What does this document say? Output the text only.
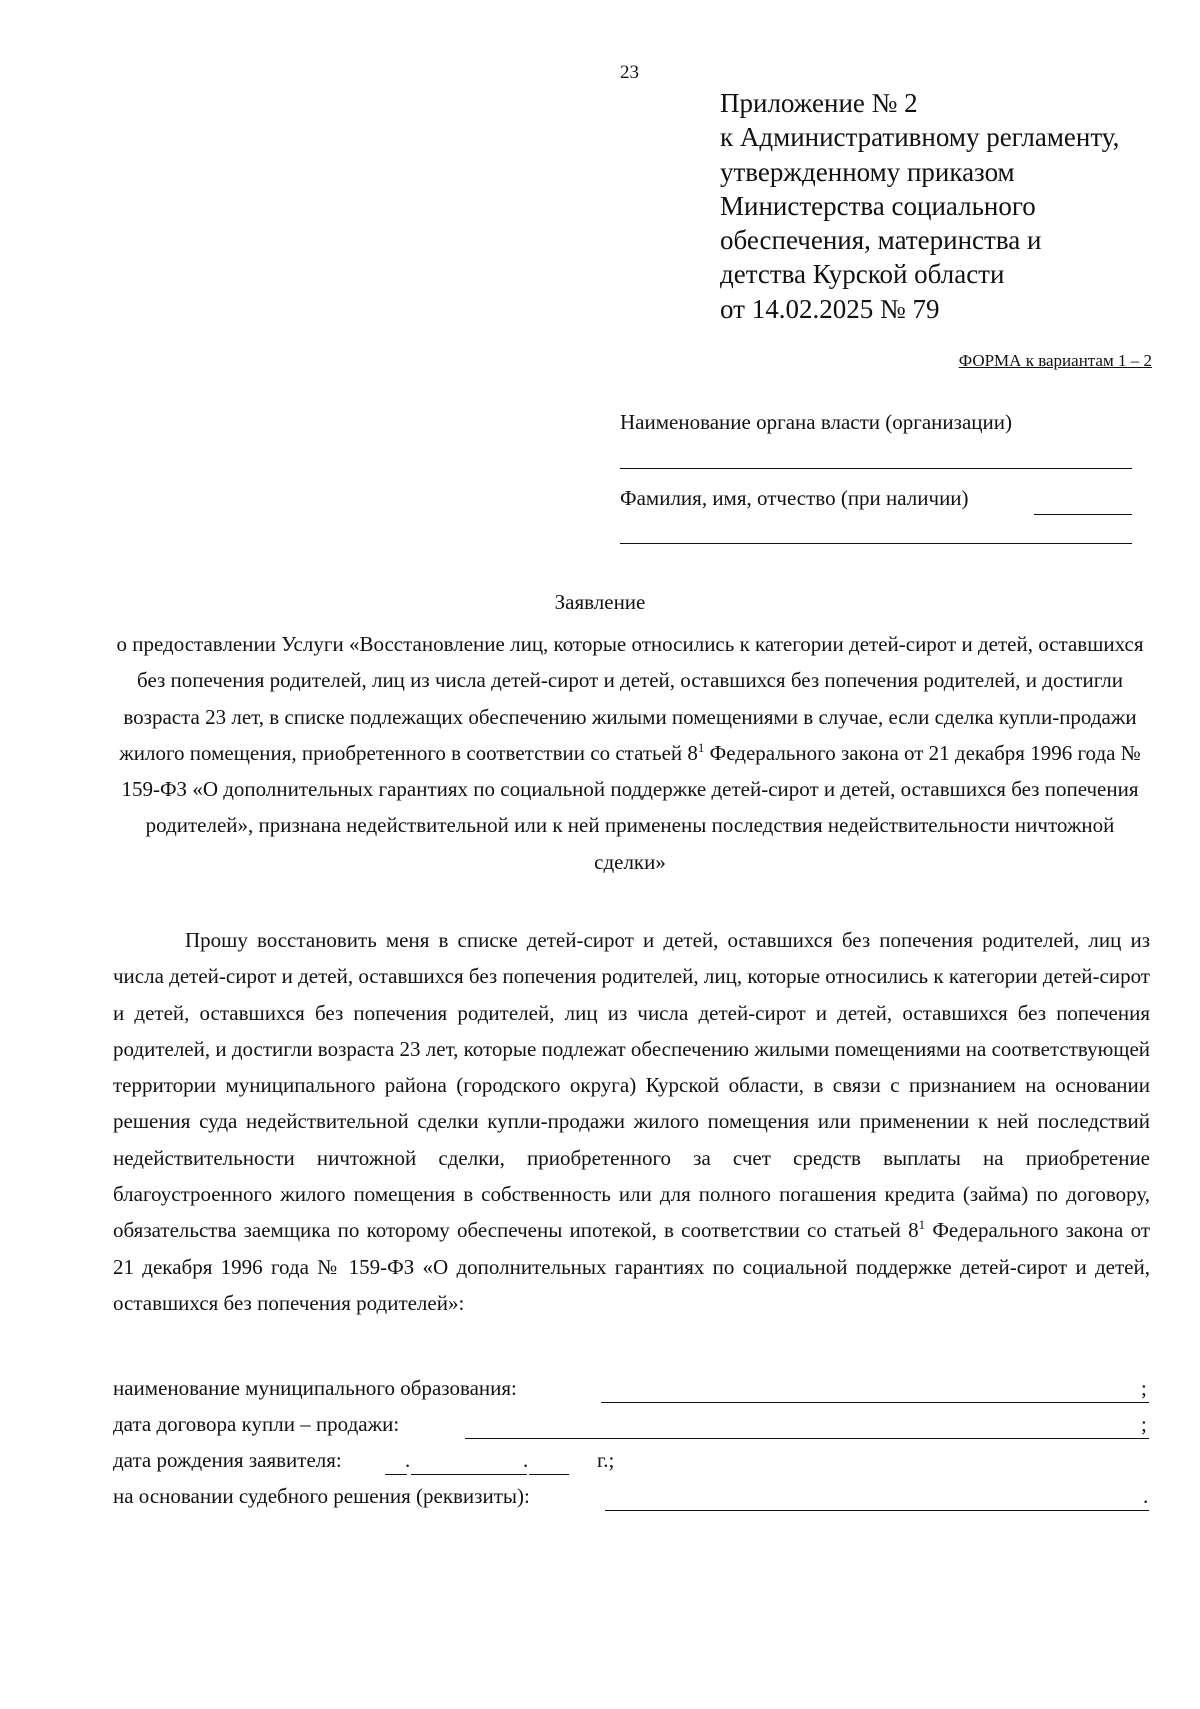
23
Приложение № 2
к Административному регламенту,
утвержденному приказом
Министерства социального
обеспечения, материнства и
детства Курской области
от 14.02.2025 № 79
ФОРМА к вариантам 1 – 2
Наименование органа власти (организации)
Фамилия, имя, отчество (при наличии)
Заявление
о предоставлении Услуги «Восстановление лиц, которые относились к категории детей-сирот и детей, оставшихся без попечения родителей, лиц из числа детей-сирот и детей, оставшихся без попечения родителей, и достигли возраста 23 лет, в списке подлежащих обеспечению жилыми помещениями в случае, если сделка купли-продажи жилого помещения, приобретенного в соответствии со статьей $8^1$ Федерального закона от 21 декабря 1996 года № 159-ФЗ «О дополнительных гарантиях по социальной поддержке детей-сирот и детей, оставшихся без попечения родителей», признана недействительной или к ней применены последствия недействительности ничтожной сделки»

Прошу восстановить меня в списке детей-сирот и детей, оставшихся без попечения родителей, лиц из числа детей-сирот и детей, оставшихся без попечения родителей, лиц, которые относились к категории детей-сирот и детей, оставшихся без попечения родителей, лиц из числа детей-сирот и детей, оставшихся без попечения родителей, и достигли возраста 23 лет, которые подлежат обеспечению жилыми помещениями на соответствующей территории муниципального района (городского округа) Курской области, в связи с признанием на основании решения суда недействительной сделки купли-продажи жилого помещения или применении к ней последствий недействительности ничтожной сделки, приобретенного за счет средств выплаты на приобретение благоустроенного жилого помещения в собственность или для полного погашения кредита (займа) по договору, обязательства заемщика по которому обеспечены ипотекой, в соответствии со статьей $8^1$ Федерального закона от 21 декабря 1996 года № 159-ФЗ «О дополнительных гарантиях по социальной поддержке детей-сирот и детей, оставшихся без попечения родителей»:

наименование муниципального образования:	;
дата договора купли – продажи:	;
дата рождения заявителя:	.	.	г.;
на основании судебного решения (реквизиты):	.
